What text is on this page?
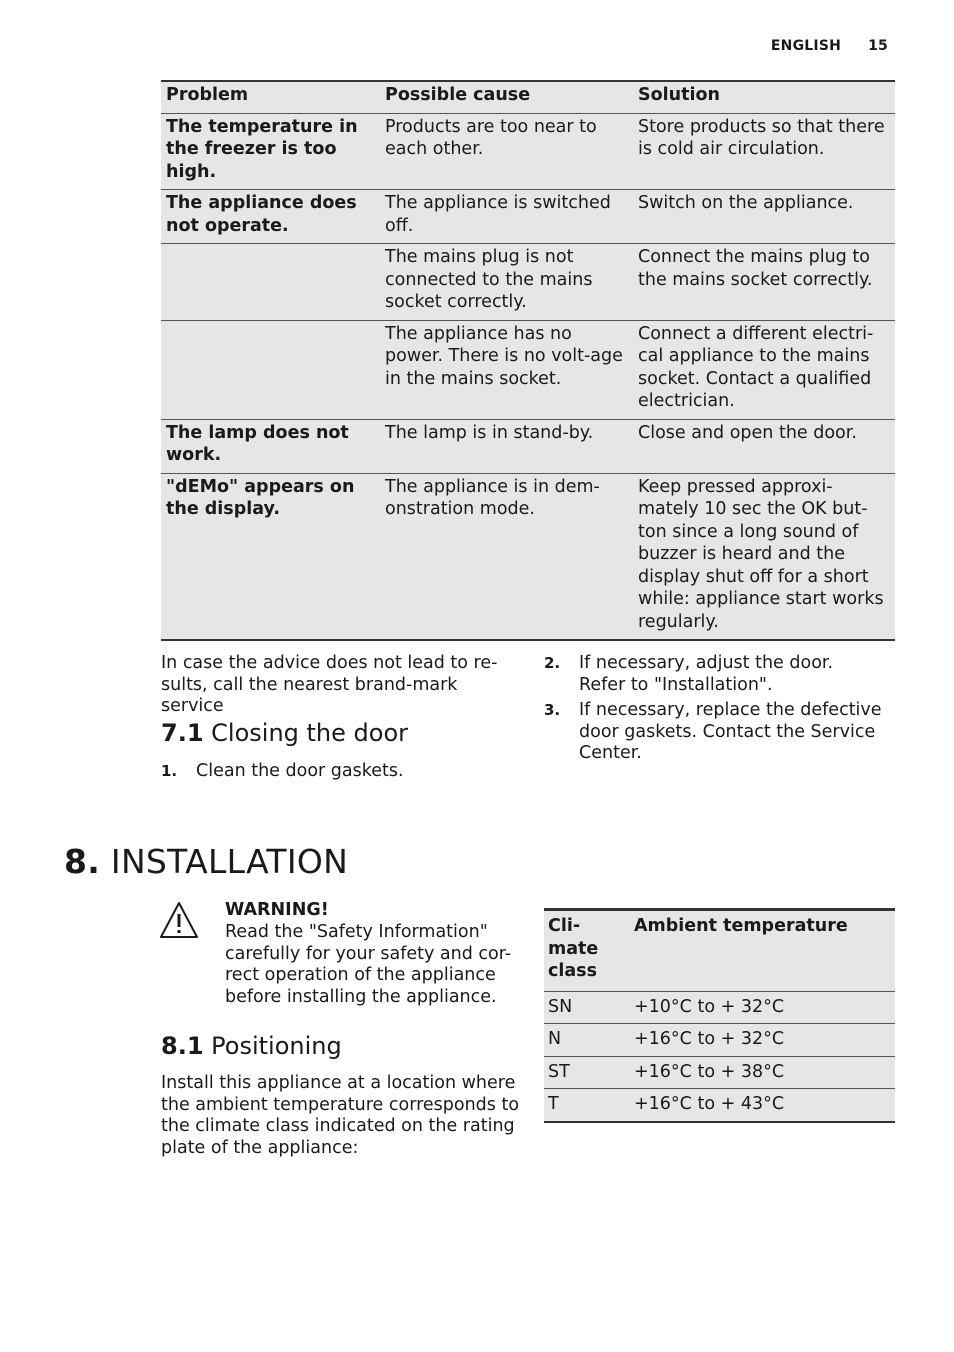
ENGLISH 15
Problem	Possible cause	Solution
The temperature in the freezer is too high.	Products are too near to each other.	Store products so that there is cold air circulation.
The appliance does not operate.	The appliance is switched off.	Switch on the appliance.
	The mains plug is not connected to the mains socket correctly.	Connect the mains plug to the mains socket correctly.
	The appliance has no power. There is no volt-age in the mains socket.	Connect a different electri-cal appliance to the mains socket. Contact a qualified electrician.
The lamp does not work.	The lamp is in stand-by.	Close and open the door.
"dEMo" appears on the display.	The appliance is in dem-onstration mode.	Keep pressed approxi-mately 10 sec the OK but-ton since a long sound of buzzer is heard and the display shut off for a short while: appliance start works regularly.
In case the advice does not lead to re-sults, call the nearest brand-mark service
7.1 Closing the door
1. Clean the door gaskets.
2. If necessary, adjust the door. Refer to "Installation".
3. If necessary, replace the defective door gaskets. Contact the Service Center.
8. INSTALLATION
WARNING!
Read the "Safety Information" carefully for your safety and cor-rect operation of the appliance before installing the appliance.
8.1 Positioning
Install this appliance at a location where the ambient temperature corresponds to the climate class indicated on the rating plate of the appliance:
Cli-mate class	Ambient temperature
SN	+10°C to + 32°C
N	+16°C to + 32°C
ST	+16°C to + 38°C
T	+16°C to + 43°C
